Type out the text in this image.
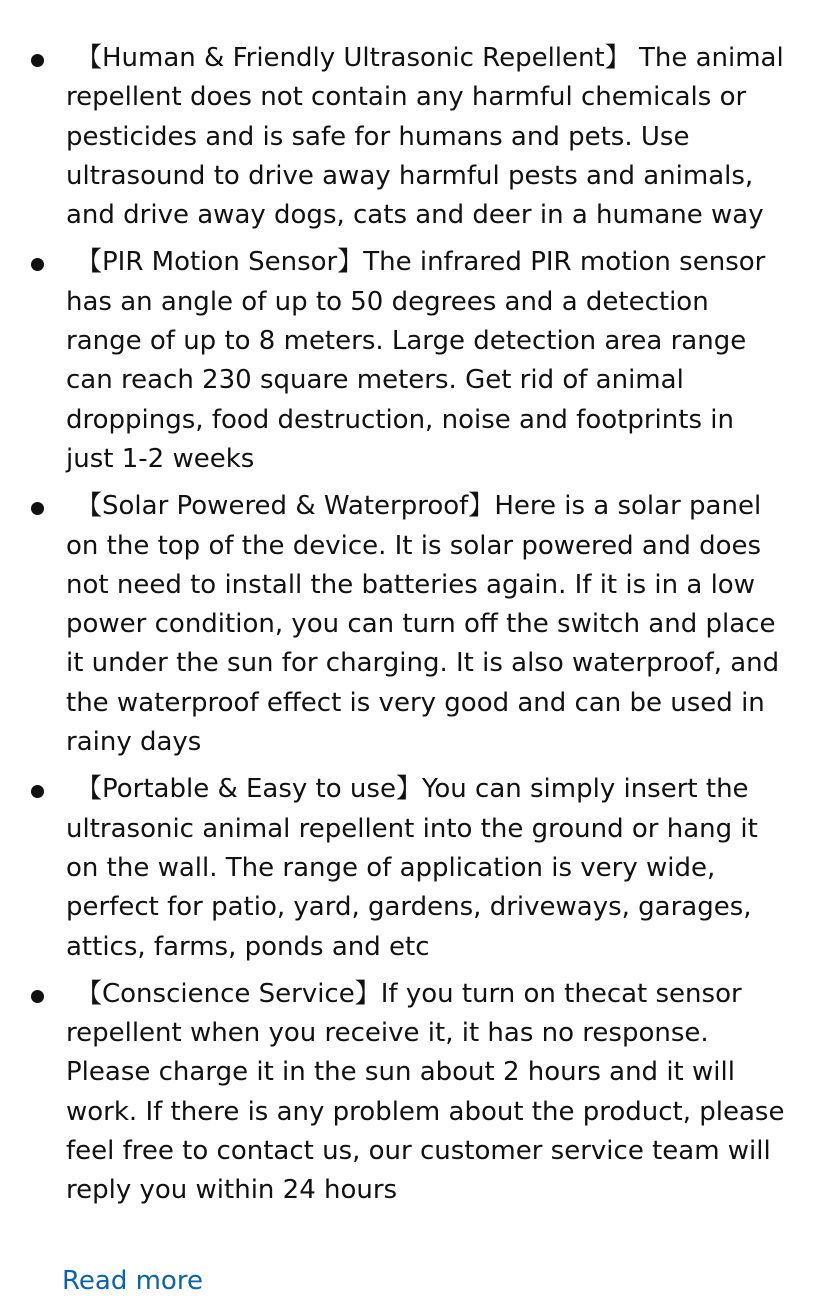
【Human & Friendly Ultrasonic Repellent】 The animal repellent does not contain any harmful chemicals or pesticides and is safe for humans and pets. Use ultrasound to drive away harmful pests and animals, and drive away dogs, cats and deer in a humane way
【PIR Motion Sensor】The infrared PIR motion sensor has an angle of up to 50 degrees and a detection range of up to 8 meters. Large detection area range can reach 230 square meters. Get rid of animal droppings, food destruction, noise and footprints in just 1-2 weeks
【Solar Powered & Waterproof】Here is a solar panel on the top of the device. It is solar powered and does not need to install the batteries again. If it is in a low power condition, you can turn off the switch and place it under the sun for charging. It is also waterproof, and the waterproof effect is very good and can be used in rainy days
【Portable & Easy to use】You can simply insert the ultrasonic animal repellent into the ground or hang it on the wall. The range of application is very wide, perfect for patio, yard, gardens, driveways, garages, attics, farms, ponds and etc
【Conscience Service】If you turn on thecat sensor repellent when you receive it, it has no response. Please charge it in the sun about 2 hours and it will work. If there is any problem about the product, please feel free to contact us, our customer service team will reply you within 24 hours
Read more
